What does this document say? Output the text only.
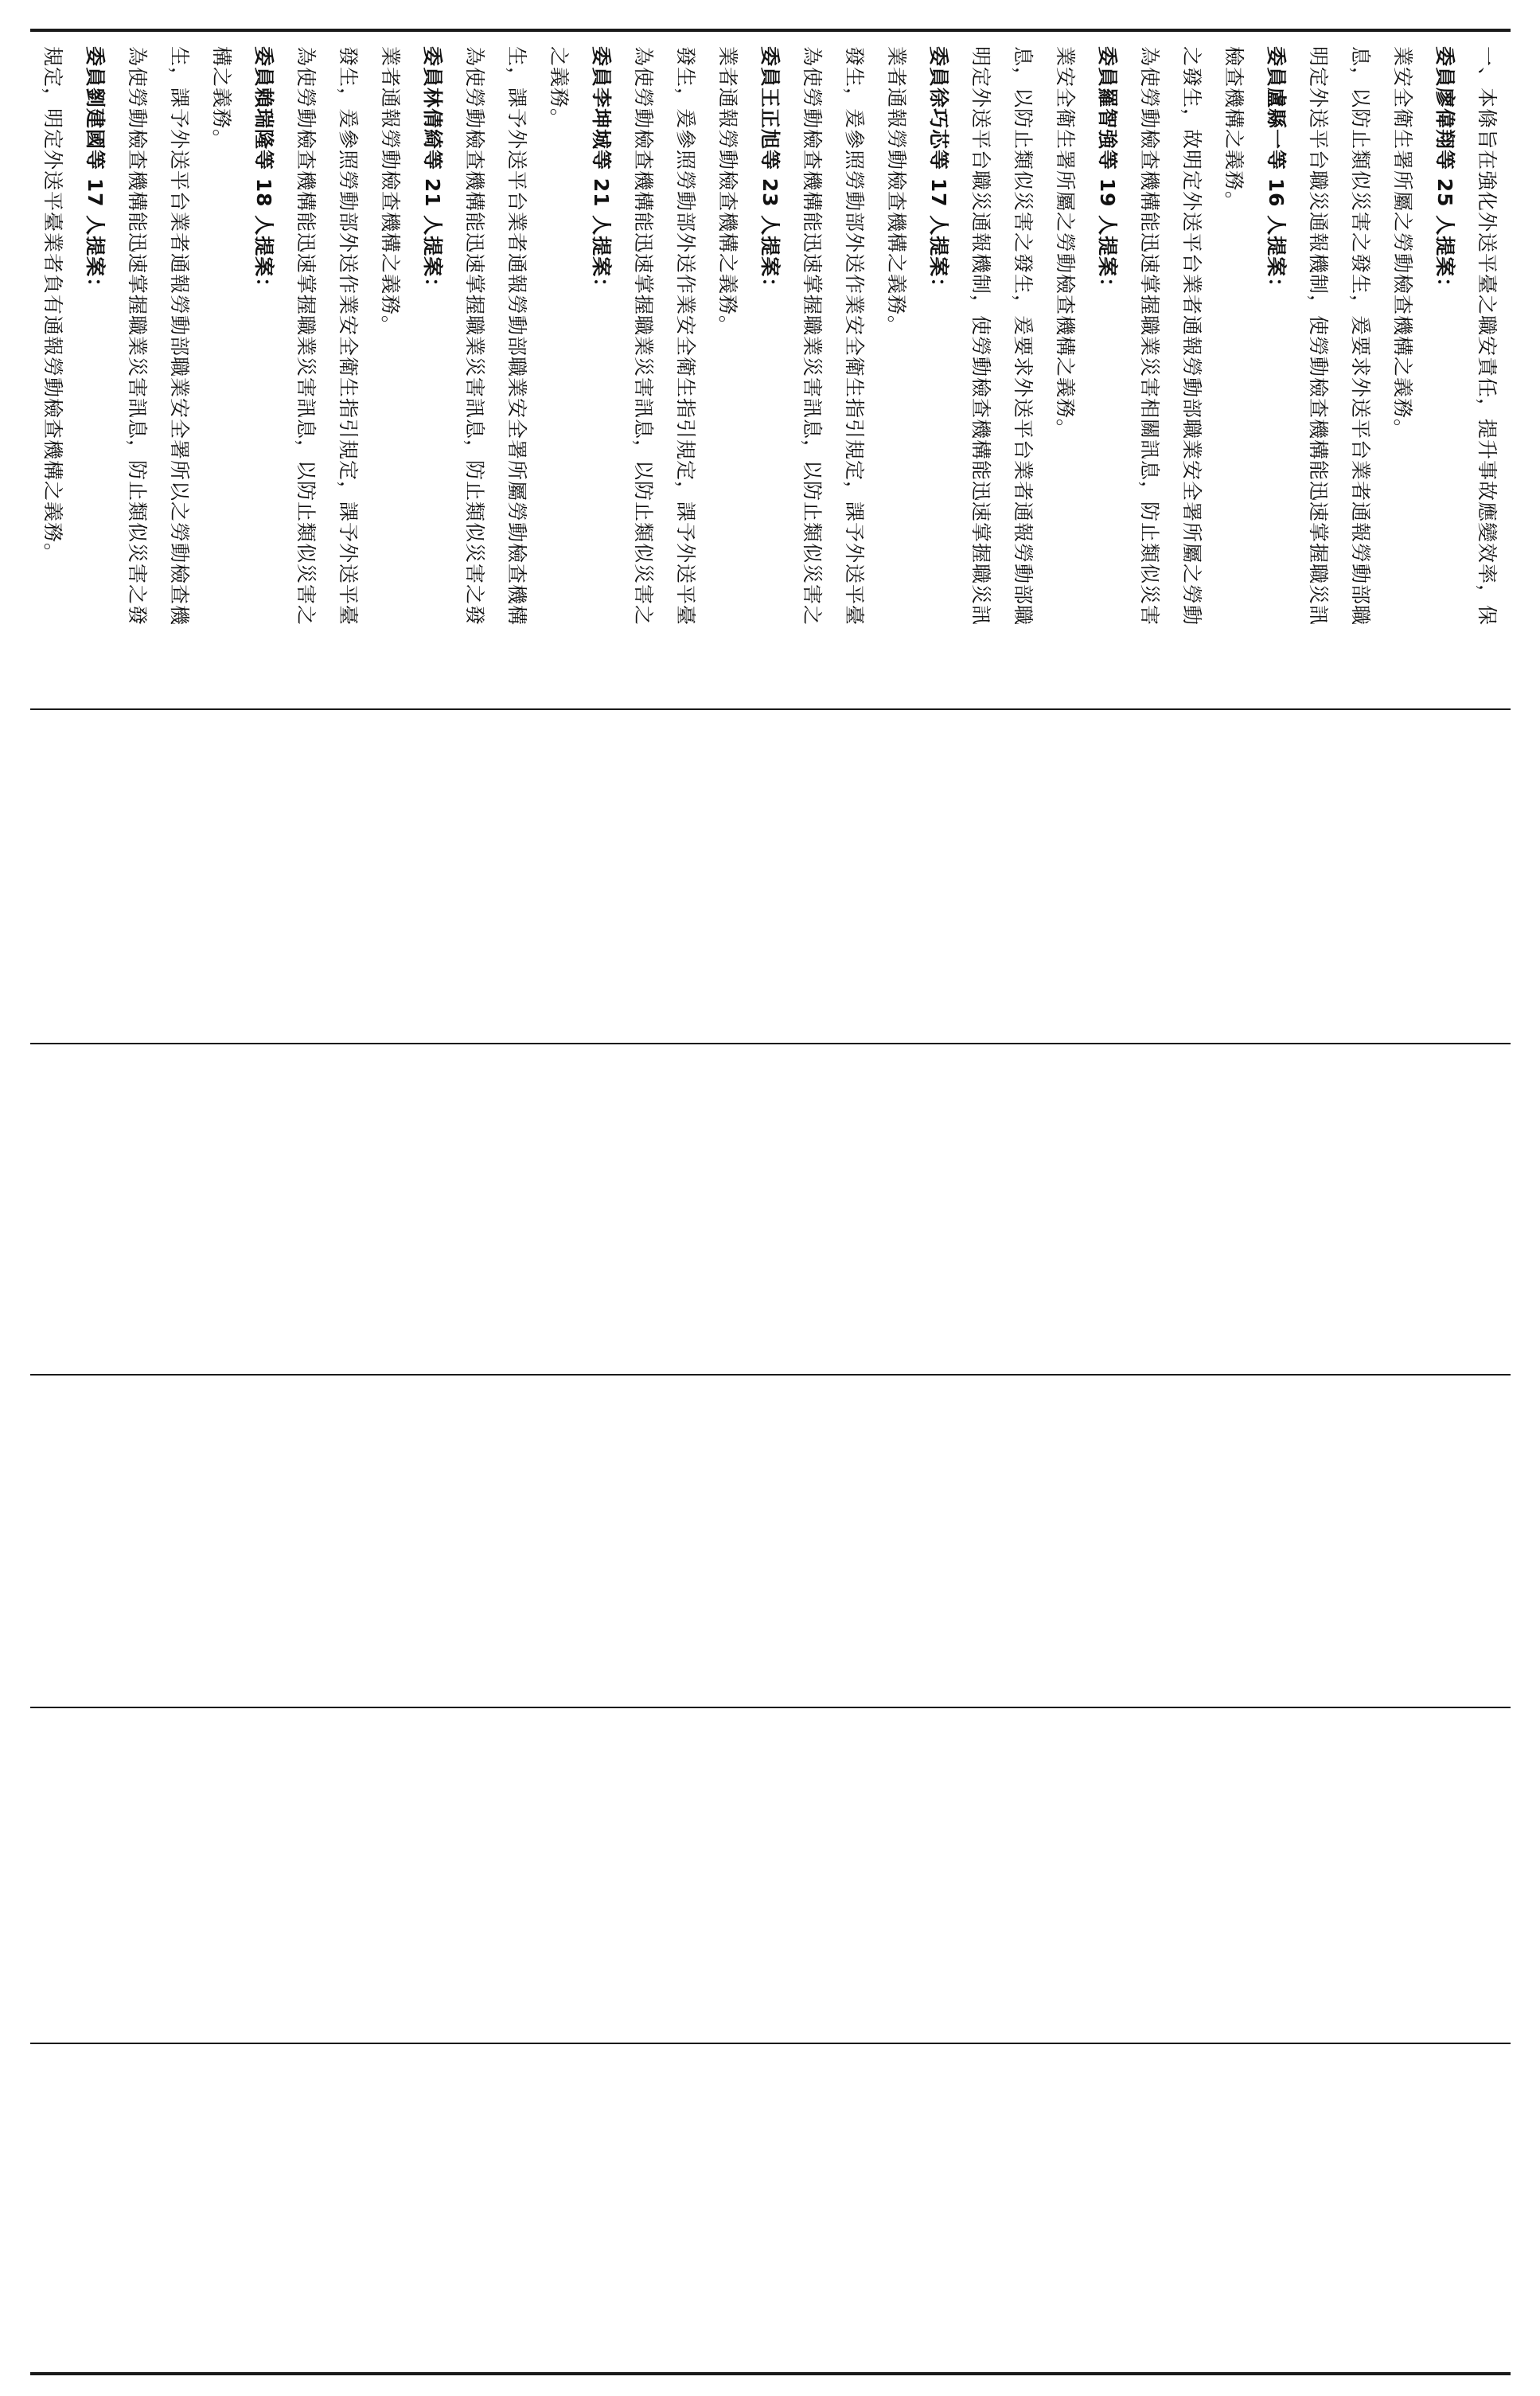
一、本條旨在強化外送平臺之職安責任，提升事故應變效率，保
委員廖偉翔等 25 人提案：
業安全衛生署所屬之勞動檢查機構之義務。
息，以防止類似災害之發生，爰要求外送平台業者通報勞動部職
明定外送平台職災通報機制，使勞動檢查機構能迅速掌握職災訊
委員盧縣一等 16 人提案：
檢查機構之義務。
之發生，故明定外送平台業者通報勞動部職業安全署所屬之勞動
為使勞動檢查機構能迅速掌握職業災害相關訊息，防止類似災害
委員羅智強等 19 人提案：
業安全衛生署所屬之勞動檢查機構之義務。
息，以防止類似災害之發生，爰要求外送平台業者通報勞動部職
明定外送平台職災通報機制，使勞動檢查機構能迅速掌握職災訊
委員徐巧芯等 17 人提案：
業者通報勞動檢查機構之義務。
發生，爰參照勞動部外送作業安全衛生指引規定，課予外送平臺
為使勞動檢查機構能迅速掌握職業災害訊息，以防止類似災害之
委員王正旭等 23 人提案：
業者通報勞動檢查機構之義務。
發生，爰參照勞動部外送作業安全衛生指引規定，課予外送平臺
為使勞動檢查機構能迅速掌握職業災害訊息，以防止類似災害之
委員李坤城等 21 人提案：
之義務。
生，課予外送平台業者通報勞動部職業安全署所屬勞動檢查機構
為使勞動檢查機構能迅速掌握職業災害訊息，防止類似災害之發
委員林倩綺等 21 人提案：
業者通報勞動檢查機構之義務。
發生，爰參照勞動部外送作業安全衛生指引規定，課予外送平臺
為使勞動檢查機構能迅速掌握職業災害訊息，以防止類似災害之
委員賴瑞隆等 18 人提案：
構之義務。
生，課予外送平台業者通報勞動部職業安全署所以之勞動檢查機
為使勞動檢查機構能迅速掌握職業災害訊息，防止類似災害之發
委員劉建國等 17 人提案：
規定，明定外送平臺業者負有通報勞動檢查機構之義務。
